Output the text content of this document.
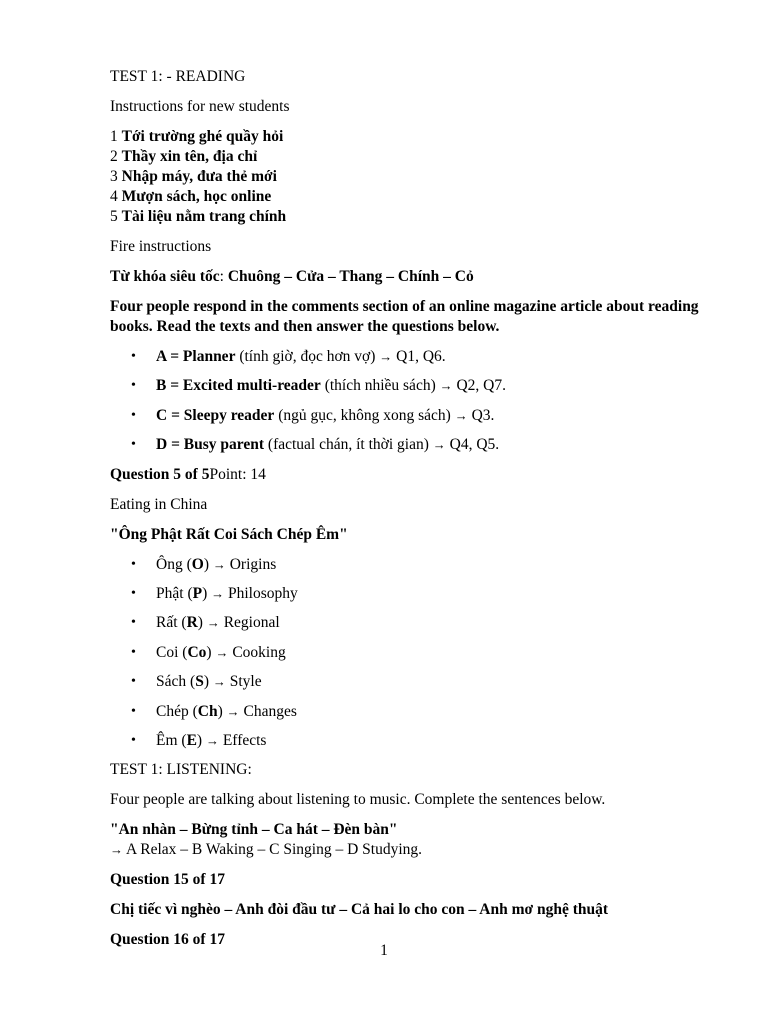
TEST 1: - READING

Instructions for new students

1 Tới trường ghé quầy hỏi
2 Thầy xin tên, địa chỉ
3 Nhập máy, đưa thẻ mới
4 Mượn sách, học online
5 Tài liệu nằm trang chính

Fire instructions

Từ khóa siêu tốc: Chuông – Cửa – Thang – Chính – Cỏ

Four people respond in the comments section of an online magazine article about reading books. Read the texts and then answer the questions below.

• A = Planner (tính giờ, đọc hơn vợ) → Q1, Q6.
• B = Excited multi-reader (thích nhiều sách) → Q2, Q7.
• C = Sleepy reader (ngủ gục, không xong sách) → Q3.
• D = Busy parent (factual chán, ít thời gian) → Q4, Q5.

Question 5 of 5Point: 14

Eating in China

"Ông Phật Rất Coi Sách Chép Êm"

• Ông (O) → Origins
• Phật (P) → Philosophy
• Rất (R) → Regional
• Coi (Co) → Cooking
• Sách (S) → Style
• Chép (Ch) → Changes
• Êm (E) → Effects

TEST 1: LISTENING:

Four people are talking about listening to music. Complete the sentences below.

"An nhàn – Bừng tỉnh – Ca hát – Đèn bàn"
→ A Relax – B Waking – C Singing – D Studying.

Question 15 of 17

Chị tiếc vì nghèo – Anh đòi đầu tư – Cả hai lo cho con – Anh mơ nghệ thuật

Question 16 of 17

1
